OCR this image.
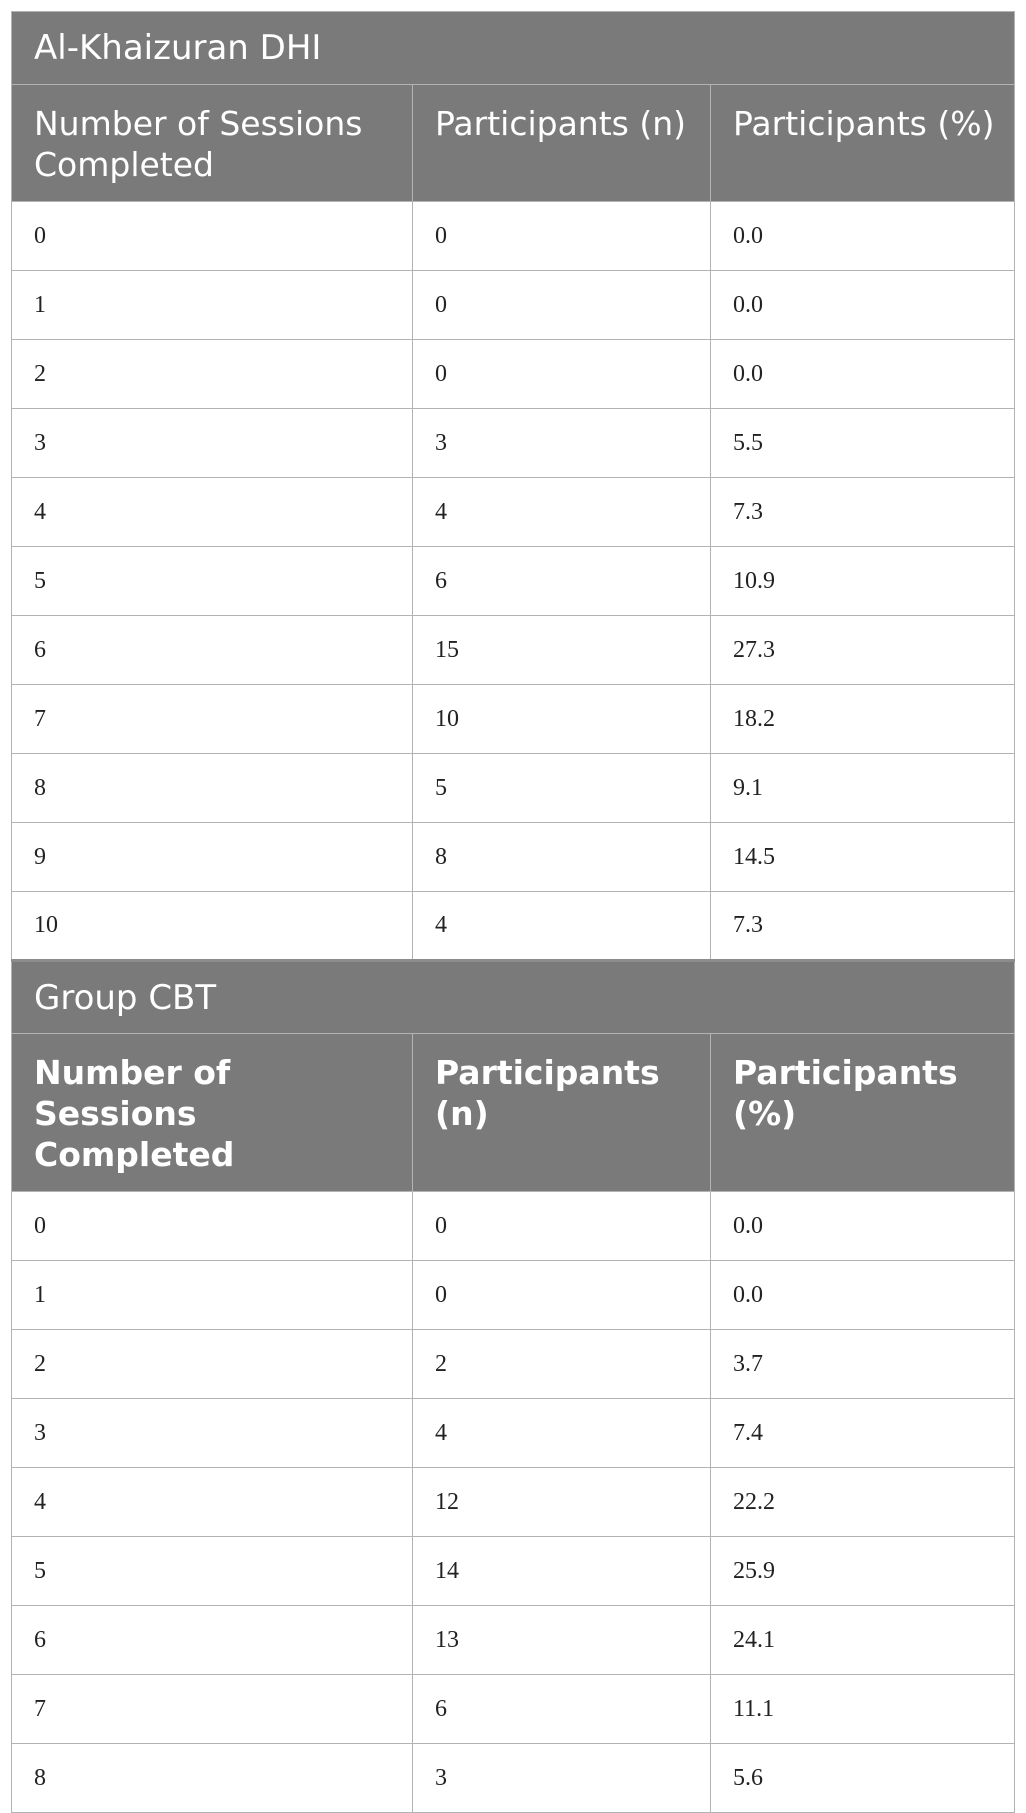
Al-Khaizuran DHI		
Number of Sessions Completed	Participants (n)	Participants (%)
0	0	0.0
1	0	0.0
2	0	0.0
3	3	5.5
4	4	7.3
5	6	10.9
6	15	27.3
7	10	18.2
8	5	9.1
9	8	14.5
10	4	7.3
Group CBT		
Number of Sessions Completed	Participants (n)	Participants (%)
0	0	0.0
1	0	0.0
2	2	3.7
3	4	7.4
4	12	22.2
5	14	25.9
6	13	24.1
7	6	11.1
8	3	5.6
